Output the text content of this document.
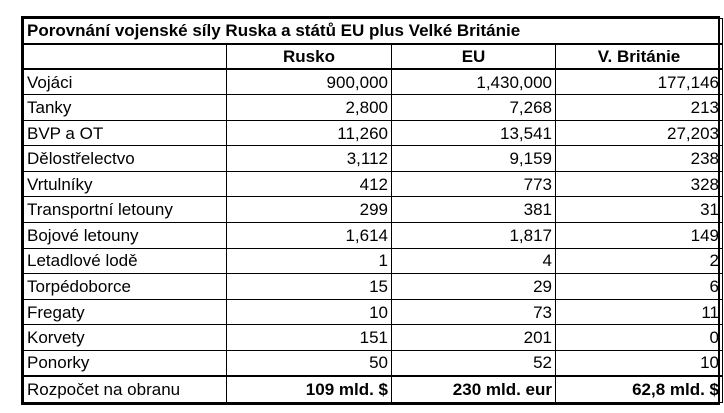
Porovnání vojenské síly Ruska a států EU plus Velké Británie			
	Rusko	EU	V. Británie
Vojáci	900,000	1,430,000	177,146
Tanky	2,800	7,268	213
BVP a OT	11,260	13,541	27,203
Dělostřelectvo	3,112	9,159	238
Vrtulníky	412	773	328
Transportní letouny	299	381	31
Bojové letouny	1,614	1,817	149
Letadlové lodě	1	4	2
Torpédoborce	15	29	6
Fregaty	10	73	11
Korvety	151	201	0
Ponorky	50	52	10
Rozpočet na obranu	109 mld. $	230 mld. eur	62,8 mld. $
